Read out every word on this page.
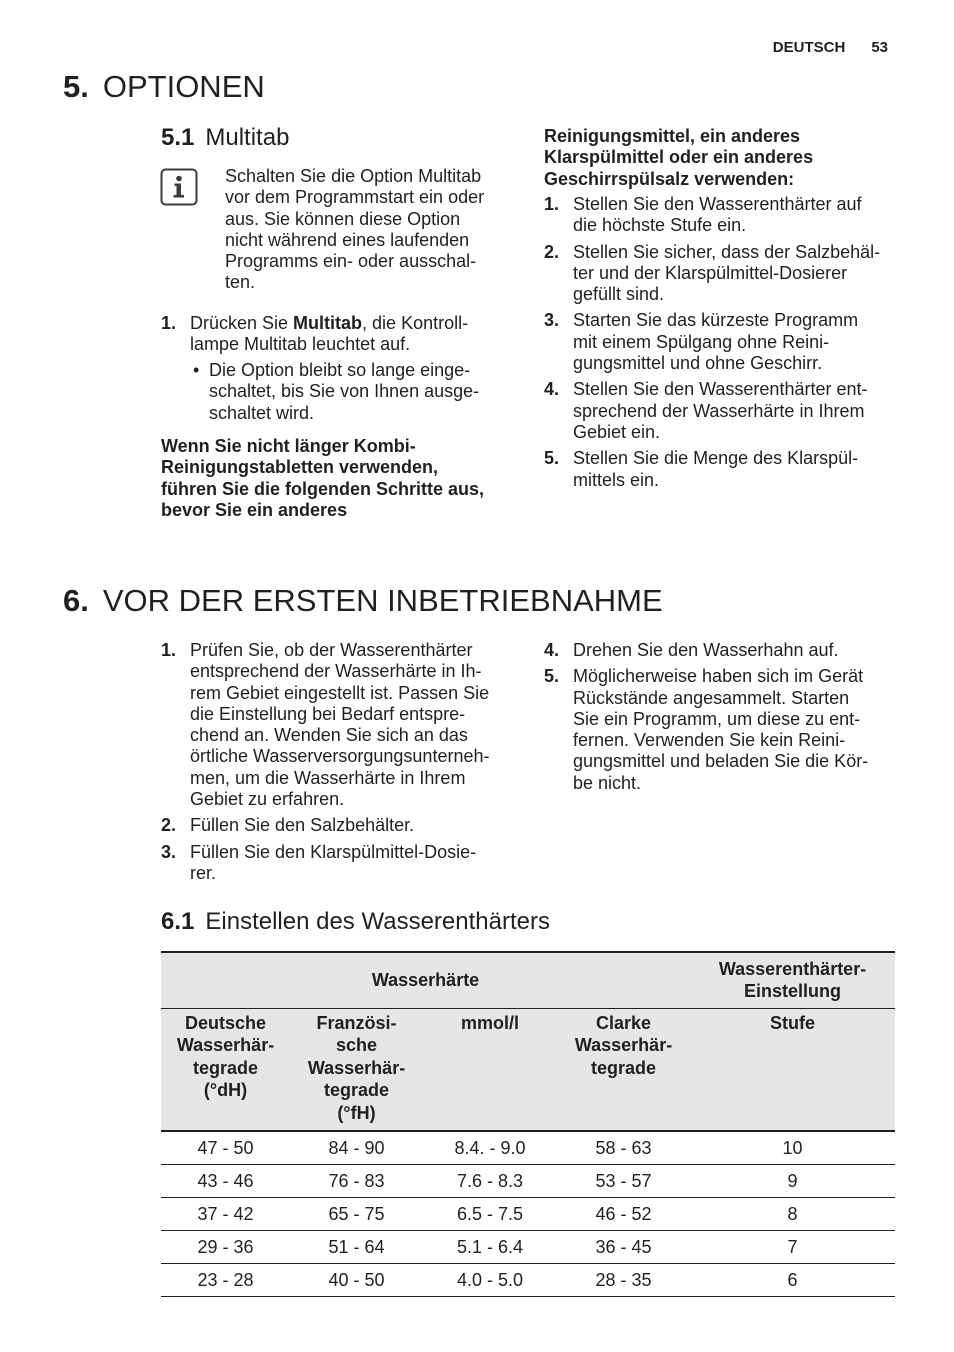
DEUTSCH 53
5. OPTIONEN
5.1 Multitab
Schalten Sie die Option Multitab
vor dem Programmstart ein oder
aus. Sie können diese Option
nicht während eines laufenden
Programms ein- oder ausschal-
ten.
1. Drücken Sie Multitab, die Kontroll-
lampe Multitab leuchtet auf.
• Die Option bleibt so lange einge-
schaltet, bis Sie von Ihnen ausge-
schaltet wird.
Wenn Sie nicht länger Kombi-
Reinigungstabletten verwenden,
führen Sie die folgenden Schritte aus,
bevor Sie ein anderes
Reinigungsmittel, ein anderes
Klarspülmittel oder ein anderes
Geschirrspülsalz verwenden:
1. Stellen Sie den Wasserenthärter auf
die höchste Stufe ein.
2. Stellen Sie sicher, dass der Salzbehäl-
ter und der Klarspülmittel-Dosierer
gefüllt sind.
3. Starten Sie das kürzeste Programm
mit einem Spülgang ohne Reini-
gungsmittel und ohne Geschirr.
4. Stellen Sie den Wasserenthärter ent-
sprechend der Wasserhärte in Ihrem
Gebiet ein.
5. Stellen Sie die Menge des Klarspül-
mittels ein.
6. VOR DER ERSTEN INBETRIEBNAHME
1. Prüfen Sie, ob der Wasserenthärter
entsprechend der Wasserhärte in Ih-
rem Gebiet eingestellt ist. Passen Sie
die Einstellung bei Bedarf entspre-
chend an. Wenden Sie sich an das
örtliche Wasserversorgungsunterneh-
men, um die Wasserhärte in Ihrem
Gebiet zu erfahren.
2. Füllen Sie den Salzbehälter.
3. Füllen Sie den Klarspülmittel-Dosie-
rer.
4. Drehen Sie den Wasserhahn auf.
5. Möglicherweise haben sich im Gerät
Rückstände angesammelt. Starten
Sie ein Programm, um diese zu ent-
fernen. Verwenden Sie kein Reini-
gungsmittel und beladen Sie die Kör-
be nicht.
6.1 Einstellen des Wasserenthärters
Wasserhärte				Wasserenthärter-
Einstellung
Deutsche
Wasserhär-
tegrade
(°dH)	Französi-
sche
Wasserhär-
tegrade
(°fH)	mmol/l	Clarke
Wasserhär-
tegrade	Stufe
47 - 50	84 - 90	8.4. - 9.0	58 - 63	10
43 - 46	76 - 83	7.6 - 8.3	53 - 57	9
37 - 42	65 - 75	6.5 - 7.5	46 - 52	8
29 - 36	51 - 64	5.1 - 6.4	36 - 45	7
23 - 28	40 - 50	4.0 - 5.0	28 - 35	6
